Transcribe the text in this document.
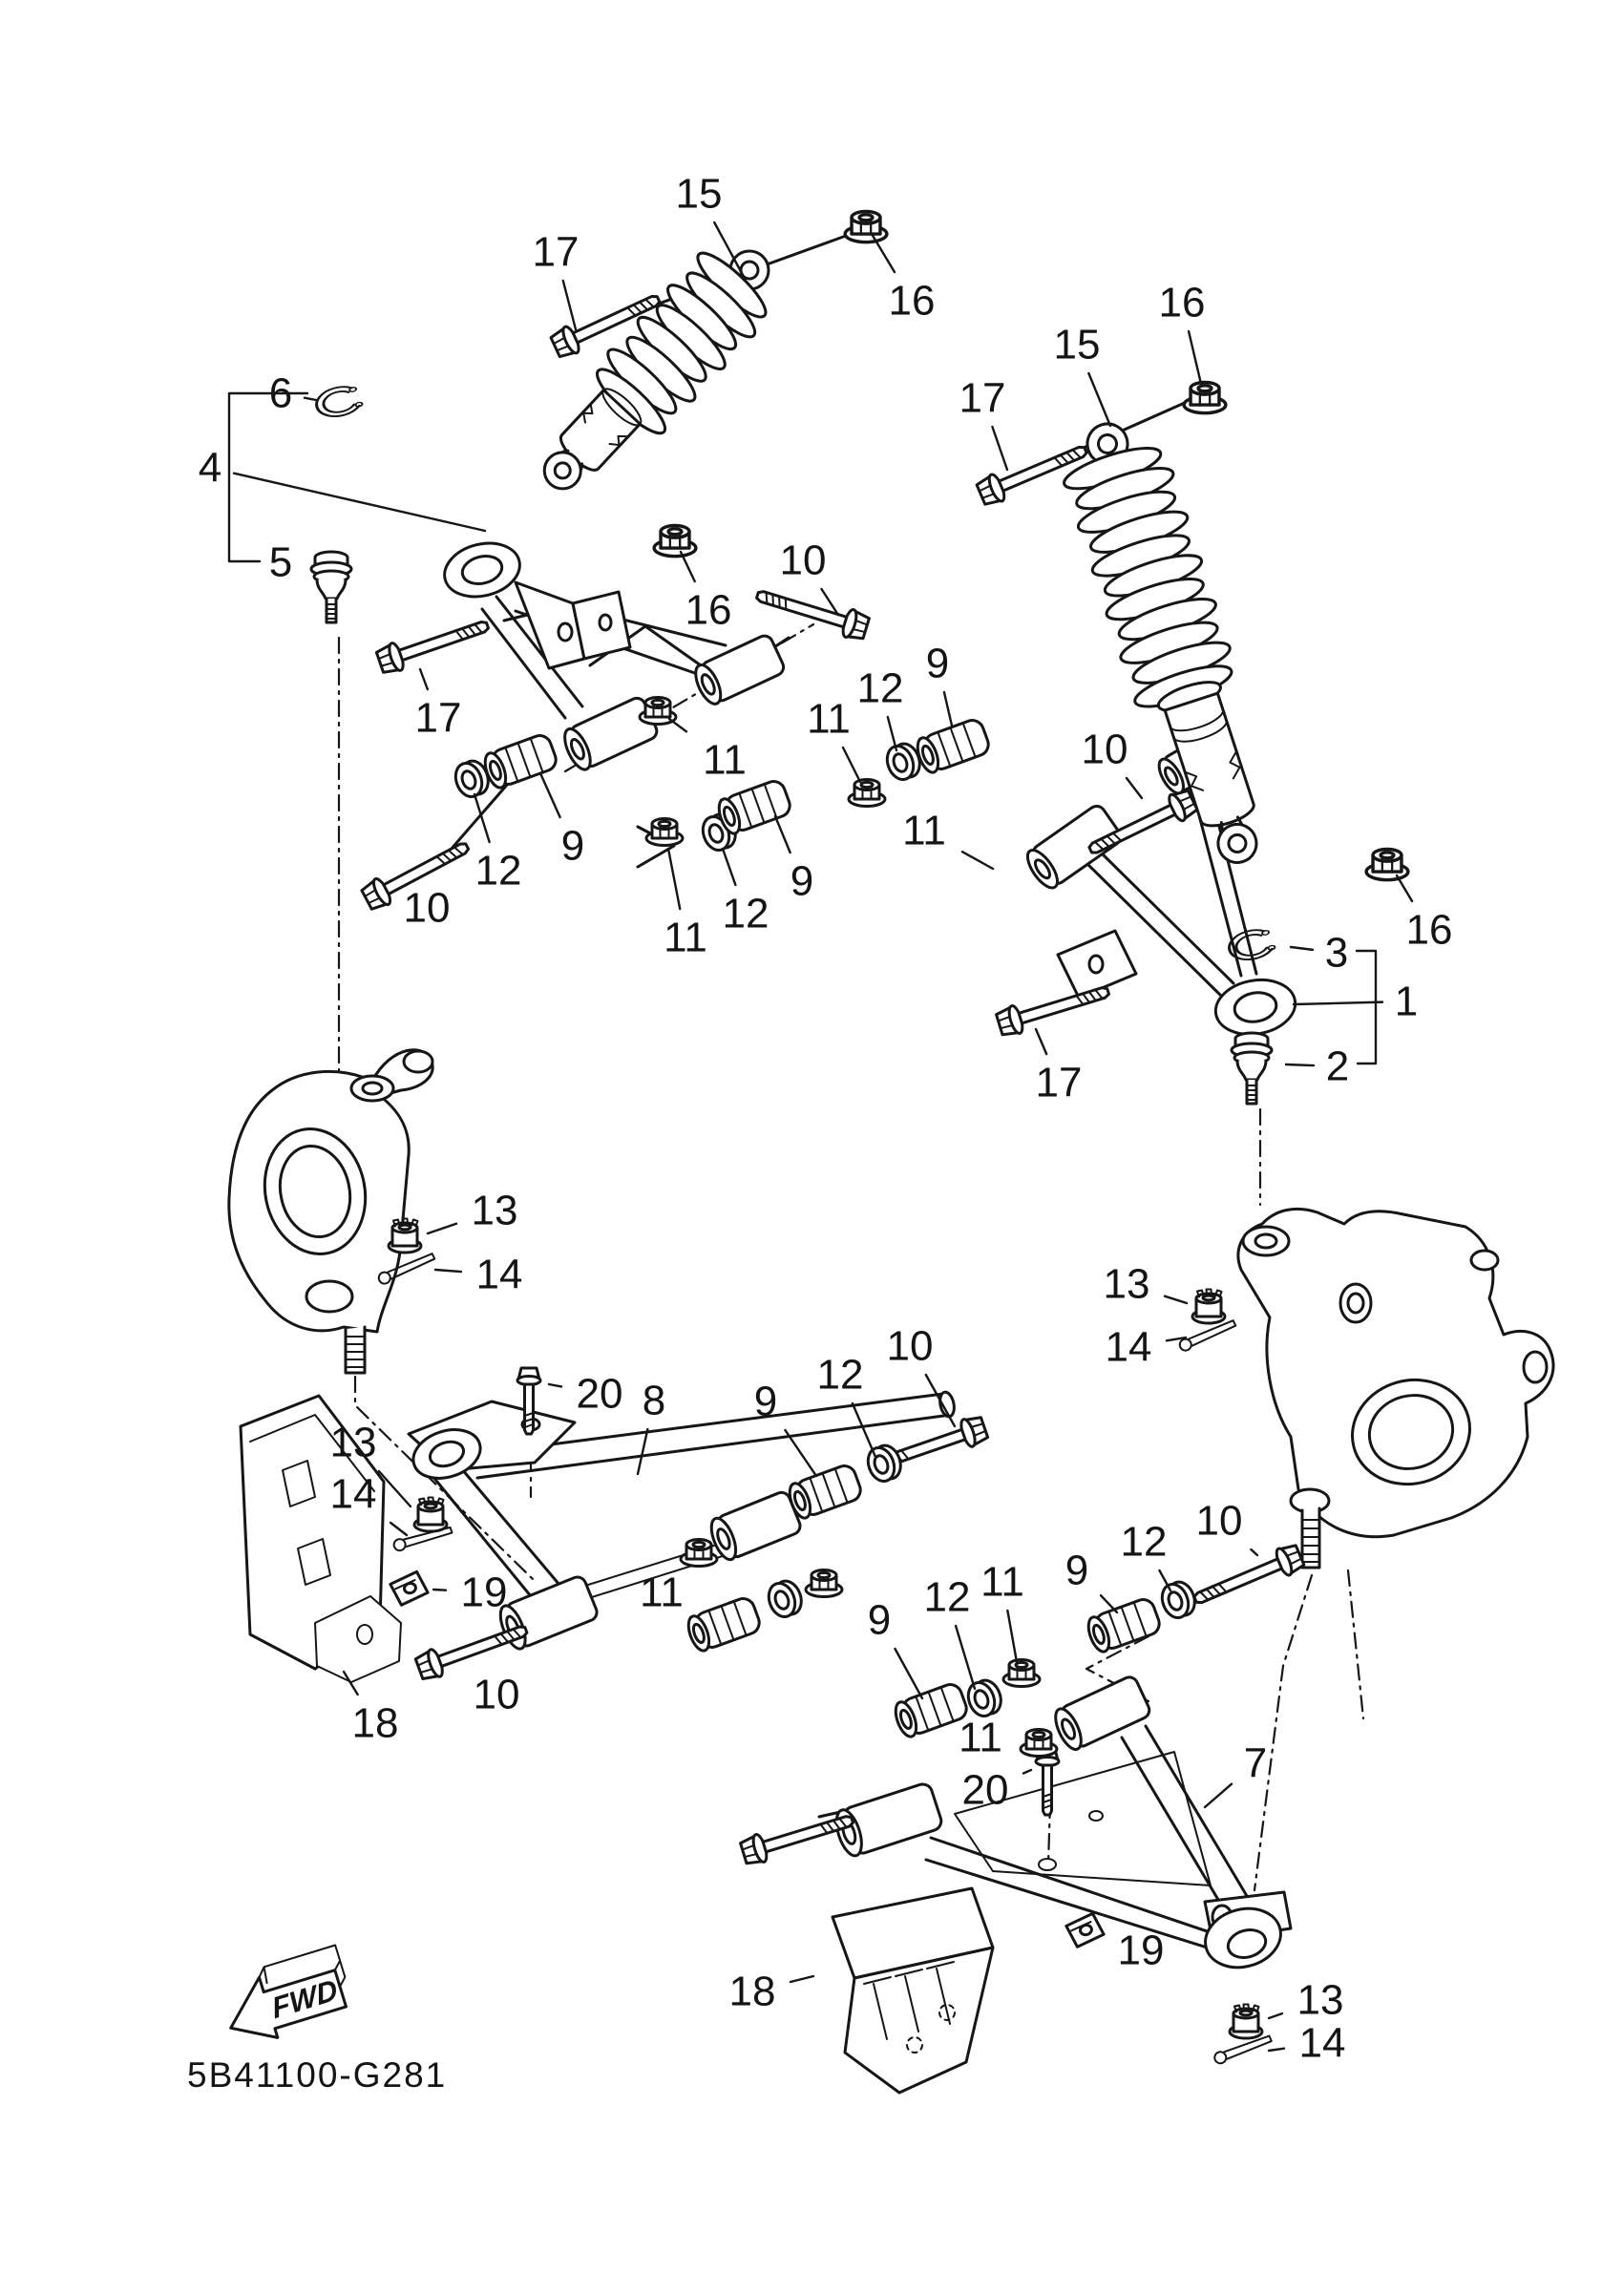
15
17
16	16
15
17
6
4
5	10
16
9
12
11
17
11	10
11
9
12
9
10	12
11	16
3
1
2
17
13
14	13
14
20 8
13
14
10
12
9
19	11
10
18
9 12 11
10
12
9
11
20
7
19
18	13
14
FWD
5B41100-G281
